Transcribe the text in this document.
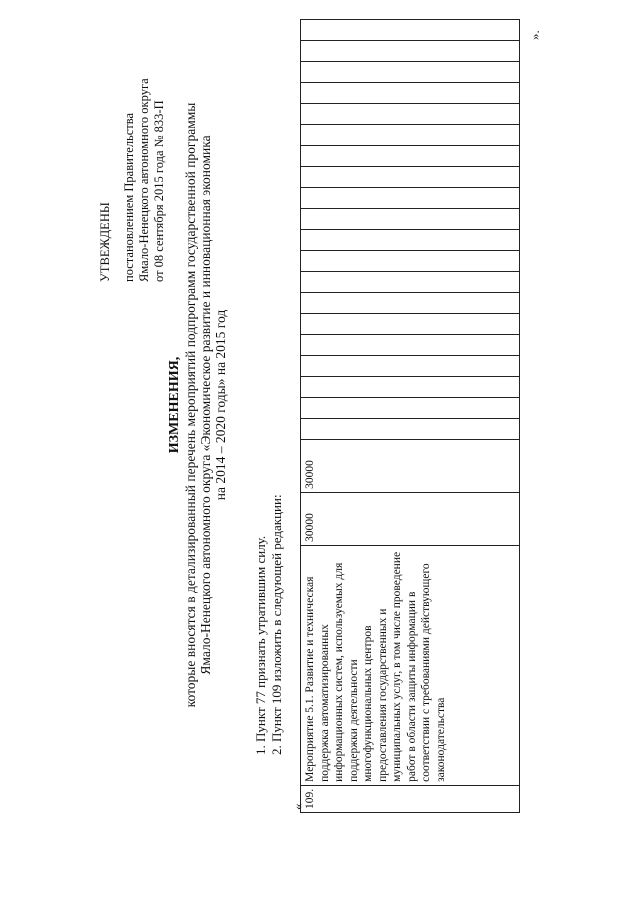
УТВЕЖДЕНЫ постановлением Правительства Ямало-Ненецкого автономного округа от 08 сентября 2015 года № 833-П
ИЗМЕНЕНИЯ, которые вносятся в детализированный перечень мероприятий подпрограмм государственной программы Ямало-Ненецкого автономного округа «Экономическое развитие и инновационная экономика на 2014 – 2020 годы» на 2015 год
1. Пункт 77 признать утратившим силу. 2. Пункт 109 изложить в следующей редакции:
« 109.	Мероприятие 5.1. Развитие и техническая поддержка автоматизированных информационных систем, используемых для поддержки деятельности многофункциональных центров предоставления государственных и муниципальных услуг, в том числе проведение работ в области защиты информации в соответствии с требованиями действующего законодательства	30000	30000																				
».
